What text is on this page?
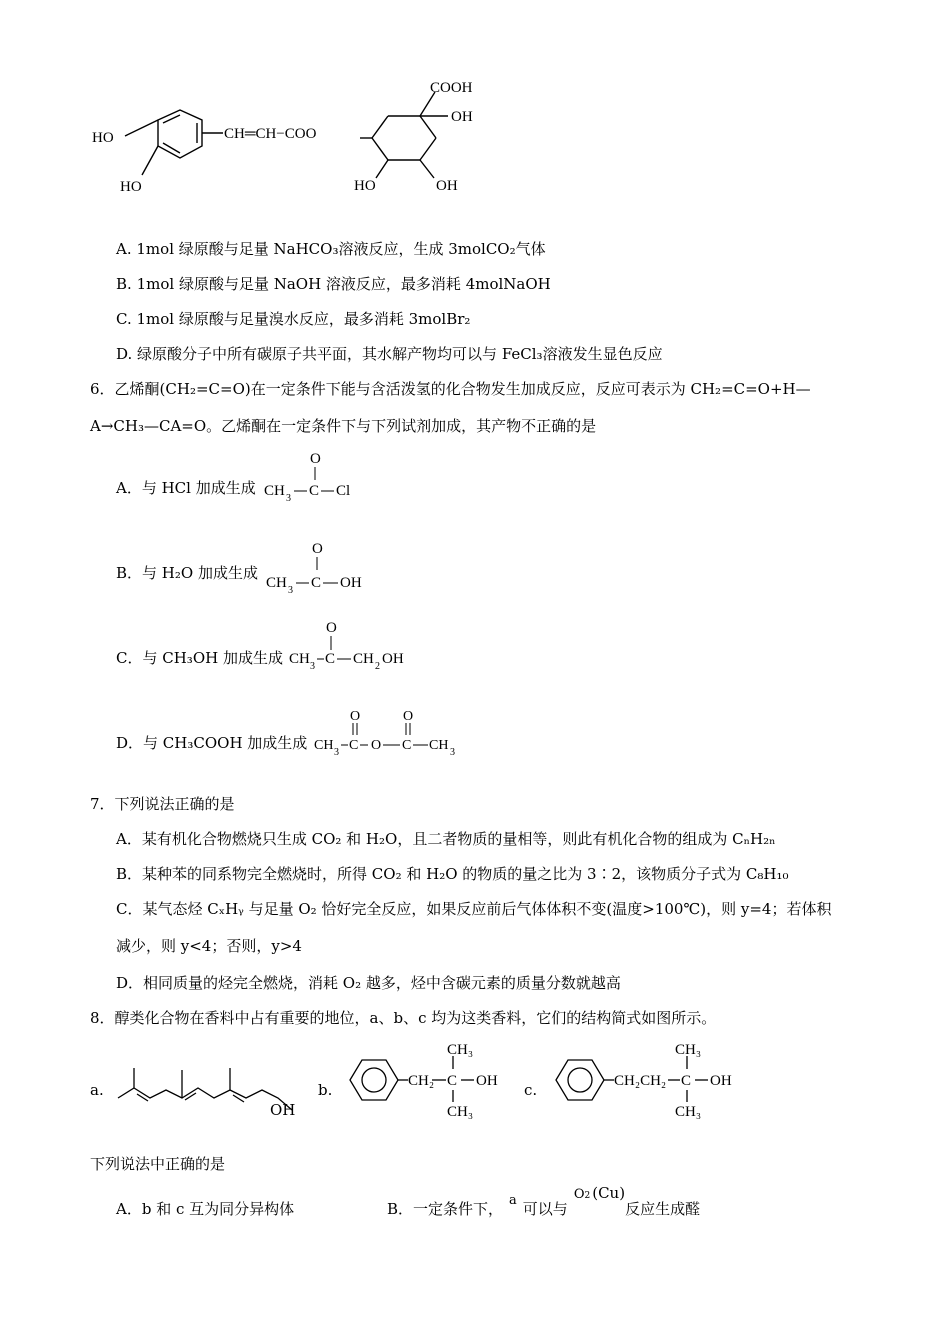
HO
HO
CH═CH−COO
COOH
OH
HO	OH
A. 1mol 绿原酸与足量 NaHCO₃溶液反应，生成 3molCO₂气体
B. 1mol 绿原酸与足量 NaOH 溶液反应，最多消耗 4molNaOH
C. 1mol 绿原酸与足量溴水反应，最多消耗 3molBr₂
D. 绿原酸分子中所有碳原子共平面，其水解产物均可以与 FeCl₃溶液发生显色反应
6．乙烯酮(CH₂=C=O)在一定条件下能与含活泼氢的化合物发生加成反应，反应可表示为 CH₂=C=O+H—
A→CH₃—CA=O。乙烯酮在一定条件下与下列试剂加成，其产物不正确的是
A．与 HCl 加成生成
O
CH 3 C Cl
B．与 H₂O 加成生成
O
CH 3 C OH
C．与 CH₃OH 加成生成
O
CH 3 C CH 2 OH
D．与 CH₃COOH 加成生成
O
CH 3 C O
O
C CH 3
7．下列说法正确的是
A．某有机化合物燃烧只生成 CO₂ 和 H₂O，且二者物质的量相等，则此有机化合物的组成为 CₙH₂ₙ
B．某种苯的同系物完全燃烧时，所得 CO₂ 和 H₂O 的物质的量之比为 3∶2，该物质分子式为 C₈H₁₀
C．某气态烃 CₓHᵧ 与足量 O₂ 恰好完全反应，如果反应前后气体体积不变(温度>100℃)，则 y=4；若体积
减少，则 y<4；否则，y>4
D．相同质量的烃完全燃烧，消耗 O₂ 越多，烃中含碳元素的质量分数就越高
8．醇类化合物在香料中占有重要的地位，a、b、c 均为这类香料，它们的结构简式如图所示。
a.
OH
b.	CH₂ C
CH₃
CH₃
OH c.	CH₂CH₂ C
CH₃
CH₃
OH
下列说法中正确的是
A．b 和 c 互为同分异构体	B．一定条件下， a 可以与O2 (Cu)反应生成醛
